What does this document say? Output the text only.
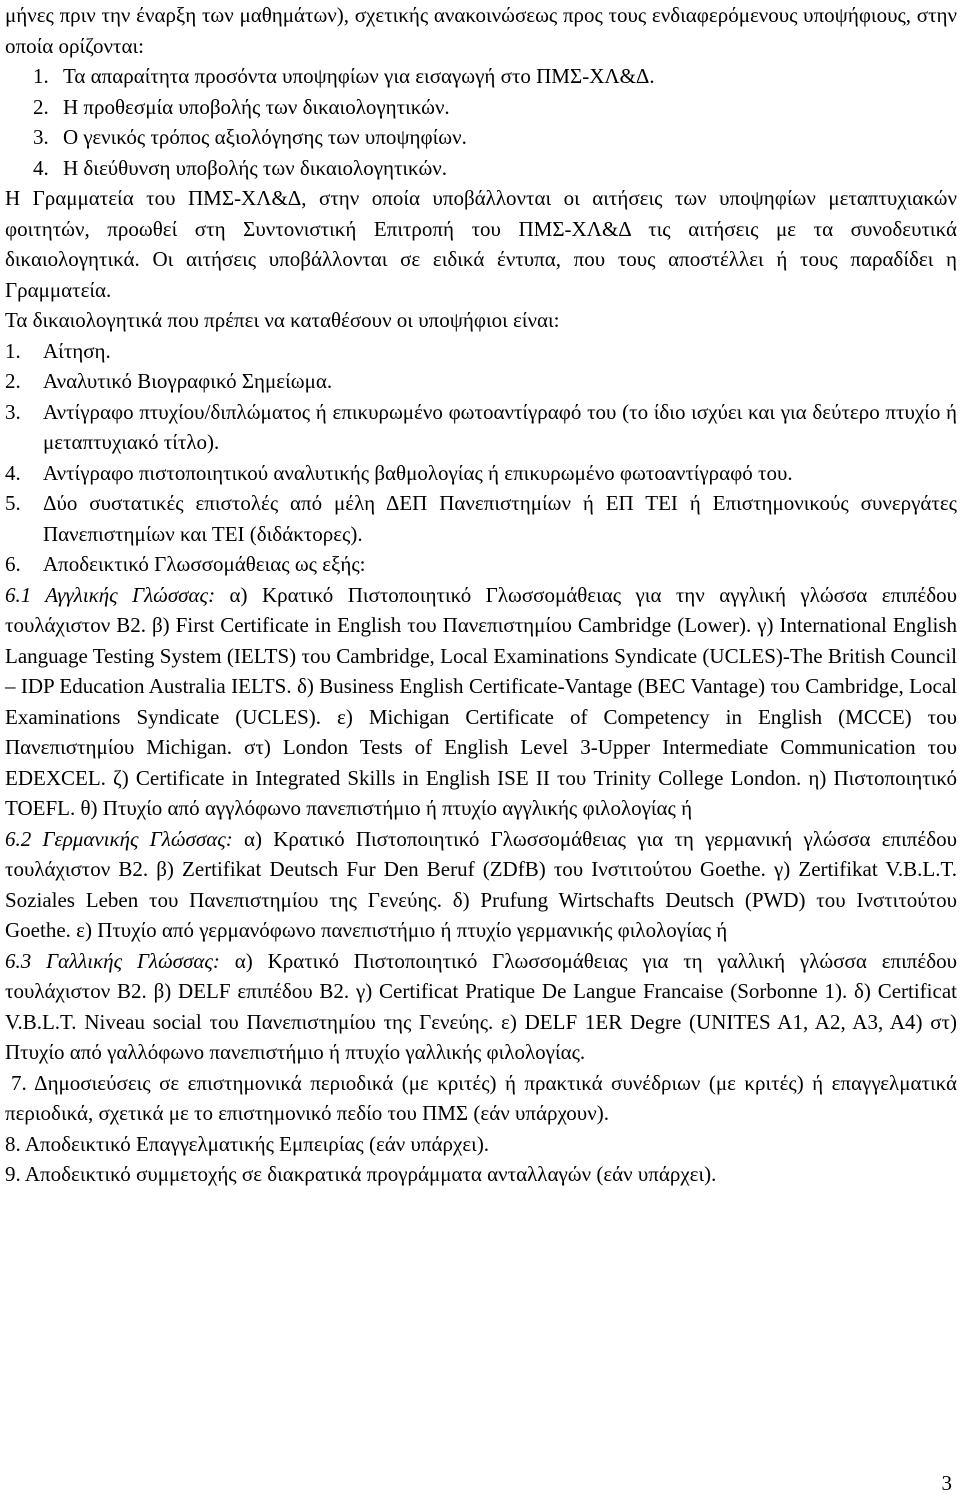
μήνες πριν την έναρξη των μαθημάτων), σχετικής ανακοινώσεως προς τους ενδιαφερόμενους υποψήφιους, στην οποία ορίζονται:

1. Τα απαραίτητα προσόντα υποψηφίων για εισαγωγή στο ΠΜΣ-ΧΛ&Δ.

2. Η προθεσμία υποβολής των δικαιολογητικών.

3. Ο γενικός τρόπος αξιολόγησης των υποψηφίων.

4. Η διεύθυνση υποβολής των δικαιολογητικών.

Η Γραμματεία του ΠΜΣ-ΧΛ&Δ, στην οποία υποβάλλονται οι αιτήσεις των υποψηφίων μεταπτυχιακών φοιτητών, προωθεί στη Συντονιστική Επιτροπή του ΠΜΣ-ΧΛ&Δ τις αιτήσεις με τα συνοδευτικά δικαιολογητικά. Οι αιτήσεις υποβάλλονται σε ειδικά έντυπα, που τους αποστέλλει ή τους παραδίδει η Γραμματεία.

Τα δικαιολογητικά που πρέπει να καταθέσουν οι υποψήφιοι είναι:

1. Αίτηση.

2. Αναλυτικό Βιογραφικό Σημείωμα.

3. Αντίγραφο πτυχίου/διπλώματος ή επικυρωμένο φωτοαντίγραφό του (το ίδιο ισχύει και για δεύτερο πτυχίο ή μεταπτυχιακό τίτλο).

4. Αντίγραφο πιστοποιητικού αναλυτικής βαθμολογίας ή επικυρωμένο φωτοαντίγραφό του.

5. Δύο συστατικές επιστολές από μέλη ΔΕΠ Πανεπιστημίων ή ΕΠ ΤΕΙ ή Επιστημονικούς συνεργάτες Πανεπιστημίων και ΤΕΙ (διδάκτορες).

6. Αποδεικτικό Γλωσσομάθειας ως εξής:

6.1 Αγγλικής Γλώσσας: α) Κρατικό Πιστοποιητικό Γλωσσομάθειας για την αγγλική γλώσσα επιπέδου τουλάχιστον Β2. β) First Certificate in English του Πανεπιστημίου Cambridge (Lower). γ) International English Language Testing System (IELTS) του Cambridge, Local Examinations Syndicate (UCLES)-The British Council – IDP Education Australia IELTS. δ) Business English Certificate-Vantage (BEC Vantage) του Cambridge, Local Examinations Syndicate (UCLES). ε) Michigan Certificate of Competency in English (MCCE) του Πανεπιστημίου Michigan. στ) London Tests of English Level 3-Upper Intermediate Communication του EDEXCEL. ζ) Certificate in Integrated Skills in English ISE II του Trinity College London. η) Πιστοποιητικό TOEFL. θ) Πτυχίο από αγγλόφωνο πανεπιστήμιο ή πτυχίο αγγλικής φιλολογίας ή

6.2 Γερμανικής Γλώσσας: α) Κρατικό Πιστοποιητικό Γλωσσομάθειας για τη γερμανική γλώσσα επιπέδου τουλάχιστον Β2. β) Zertifikat Deutsch Fur Den Beruf (ZDfB) του Ινστιτούτου Goethe. γ) Zertifikat V.B.L.T. Soziales Leben του Πανεπιστημίου της Γενεύης. δ) Prufung Wirtschafts Deutsch (PWD) του Ινστιτούτου Goethe. ε) Πτυχίο από γερμανόφωνο πανεπιστήμιο ή πτυχίο γερμανικής φιλολογίας ή

6.3 Γαλλικής Γλώσσας: α) Κρατικό Πιστοποιητικό Γλωσσομάθειας για τη γαλλική γλώσσα επιπέδου τουλάχιστον Β2. β) DELF επιπέδου Β2. γ) Certificat Pratique De Langue Francaise (Sorbonne 1). δ) Certificat V.B.L.T. Niveau social του Πανεπιστημίου της Γενεύης. ε) DELF 1ER Degre (UNITES A1, A2, A3, A4) στ) Πτυχίο από γαλλόφωνο πανεπιστήμιο ή πτυχίο γαλλικής φιλολογίας.

7. Δημοσιεύσεις σε επιστημονικά περιοδικά (με κριτές) ή πρακτικά συνέδριων (με κριτές) ή επαγγελματικά περιοδικά, σχετικά με το επιστημονικό πεδίο του ΠΜΣ (εάν υπάρχουν).

8. Αποδεικτικό Επαγγελματικής Εμπειρίας (εάν υπάρχει).

9. Αποδεικτικό συμμετοχής σε διακρατικά προγράμματα ανταλλαγών (εάν υπάρχει).

3
